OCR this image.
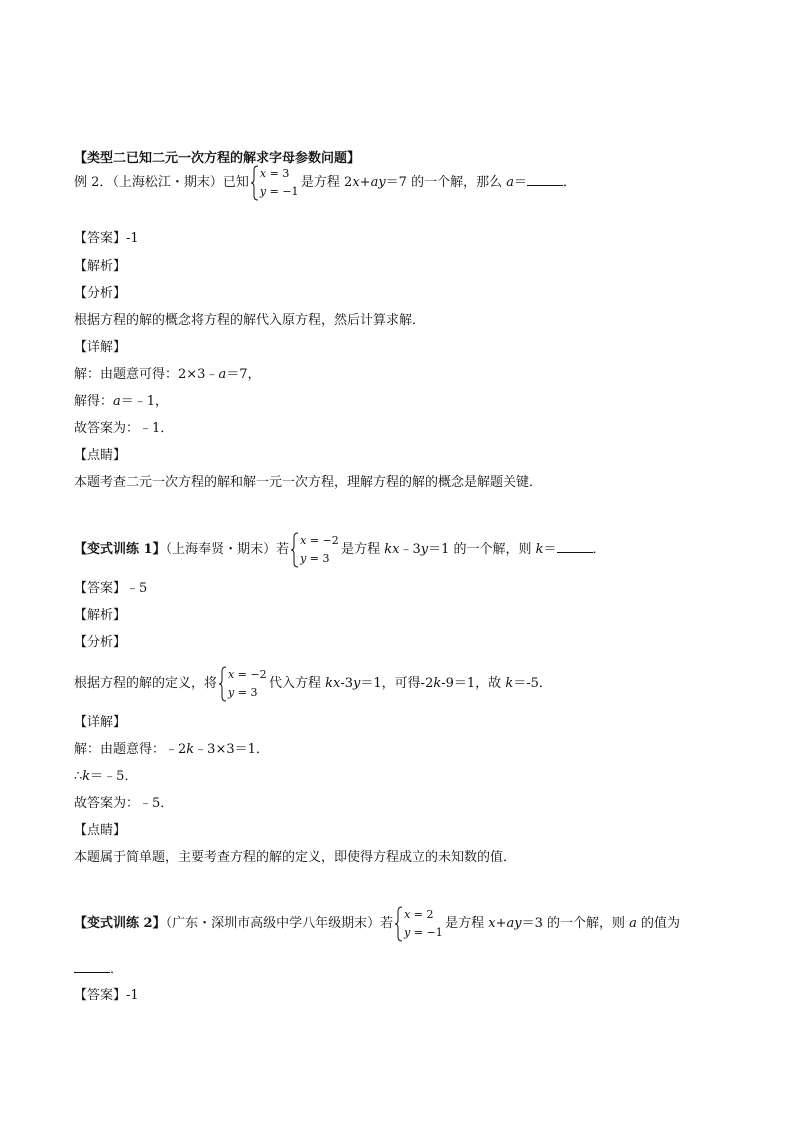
【类型二已知二元一次方程的解求字母参数问题】
例 2．（上海松江・期末）已知
x = 3
y = −1
是方程 2x+ay＝7 的一个解，那么 a＝	．
【答案】-1
【解析】
【分析】
根据方程的解的概念将方程的解代入原方程，然后计算求解．
【详解】
解：由题意可得：2×3﹣a＝7，
解得：a＝﹣1，
故答案为：﹣1．
【点睛】
本题考查二元一次方程的解和解一元一次方程，理解方程的解的概念是解题关键．
【变式训练 1】（上海奉贤・期末）若
x = −2
y = 3
是方程 kx﹣3y＝1 的一个解，则 k＝	．
【答案】﹣5
【解析】
【分析】
根据方程的解的定义，将
x = −2
y = 3
代入方程 kx-3y＝1，可得-2k-9＝1，故 k＝-5．
【详解】
解：由题意得：﹣2k﹣3×3＝1．
∴k＝﹣5．
故答案为：﹣5．
【点睛】
本题属于简单题，主要考查方程的解的定义，即使得方程成立的未知数的值．
【变式训练 2】（广东・深圳市高级中学八年级期末）若
x = 2
y = −1
是方程 x+ay＝3 的一个解，则 a 的值为
．
【答案】-1
